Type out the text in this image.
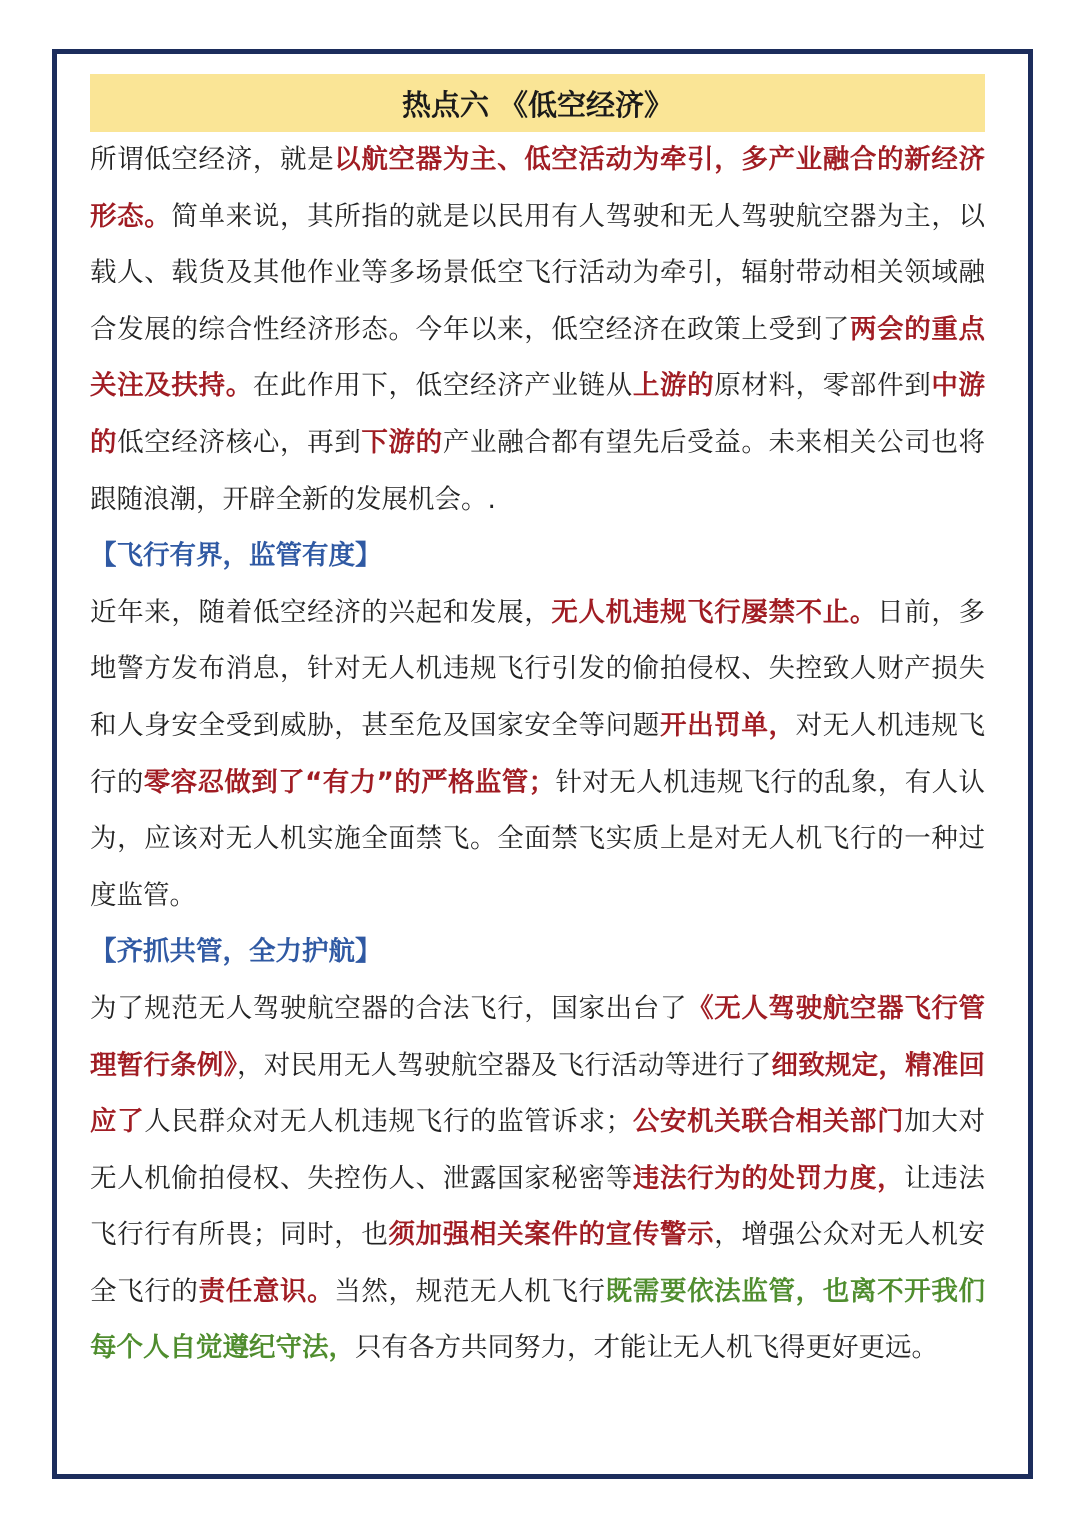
热点六 《低空经济》

所谓低空经济，就是以航空器为主、低空活动为牵引，多产业融合的新经济形态。简单来说，其所指的就是以民用有人驾驶和无人驾驶航空器为主，以载人、载货及其他作业等多场景低空飞行活动为牵引，辐射带动相关领域融合发展的综合性经济形态。今年以来，低空经济在政策上受到了两会的重点关注及扶持。在此作用下，低空经济产业链从上游的原材料，零部件到中游的低空经济核心，再到下游的产业融合都有望先后受益。未来相关公司也将跟随浪潮，开辟全新的发展机会。.

【飞行有界，监管有度】

近年来，随着低空经济的兴起和发展，无人机违规飞行屡禁不止。日前，多地警方发布消息，针对无人机违规飞行引发的偷拍侵权、失控致人财产损失和人身安全受到威胁，甚至危及国家安全等问题开出罚单，对无人机违规飞行的零容忍做到了“有力”的严格监管；针对无人机违规飞行的乱象，有人认为，应该对无人机实施全面禁飞。全面禁飞实质上是对无人机飞行的一种过度监管。

【齐抓共管，全力护航】

为了规范无人驾驶航空器的合法飞行，国家出台了《无人驾驶航空器飞行管理暂行条例》，对民用无人驾驶航空器及飞行活动等进行了细致规定，精准回应了人民群众对无人机违规飞行的监管诉求；公安机关联合相关部门加大对无人机偷拍侵权、失控伤人、泄露国家秘密等违法行为的处罚力度，让违法飞行行有所畏；同时，也须加强相关案件的宣传警示，增强公众对无人机安全飞行的责任意识。当然，规范无人机飞行既需要依法监管，也离不开我们每个人自觉遵纪守法，只有各方共同努力，才能让无人机飞得更好更远。
